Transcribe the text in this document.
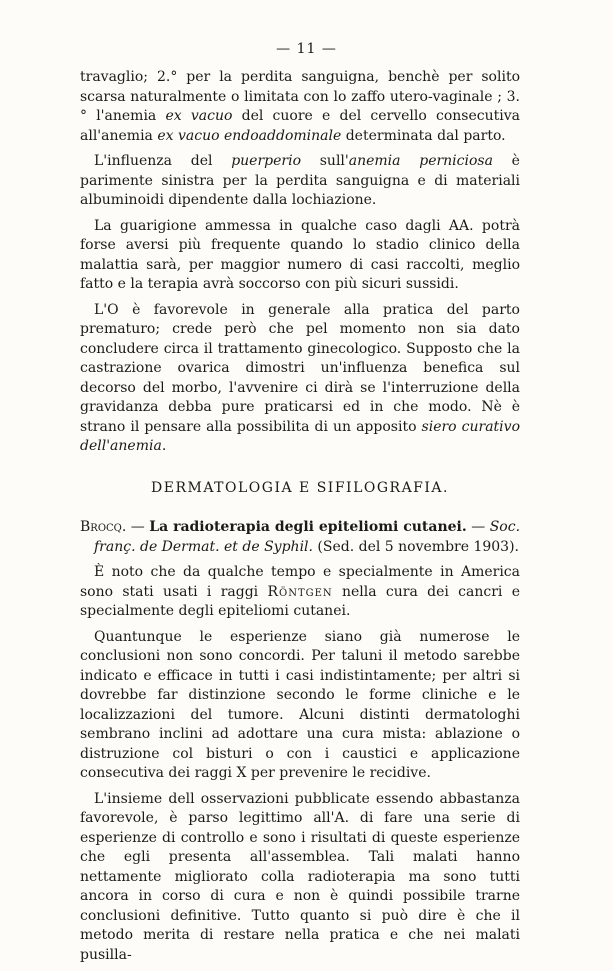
— 11 —

travaglio; 2.° per la perdita sanguigna, benchè per solito scarsa naturalmente o limitata con lo zaffo utero-vaginale ; 3.° l'anemia ex vacuo del cuore e del cervello consecutiva all'anemia ex vacuo endoaddominale determinata dal parto.

L'influenza del puerperio sull'anemia perniciosa è parimente sinistra per la perdita sanguigna e di materiali albuminoidi dipendente dalla lochiazione.

La guarigione ammessa in qualche caso dagli AA. potrà forse aversi più frequente quando lo stadio clinico della malattia sarà, per maggior numero di casi raccolti, meglio fatto e la terapia avrà soccorso con più sicuri sussidi.

L'O è favorevole in generale alla pratica del parto prematuro; crede però che pel momento non sia dato concludere circa il trattamento ginecologico. Supposto che la castrazione ovarica dimostri un'influenza benefica sul decorso del morbo, l'avvenire ci dirà se l'interruzione della gravidanza debba pure praticarsi ed in che modo. Nè è strano il pensare alla possibilita di un apposito siero curativo dell'anemia.

DERMATOLOGIA E SIFILOGRAFIA.
Brocq. — La radioterapia degli epiteliomi cutanei. — Soc. franç. de Dermat. et de Syphil. (Sed. del 5 novembre 1903).

È noto che da qualche tempo e specialmente in America sono stati usati i raggi Röntgen nella cura dei cancri e specialmente degli epiteliomi cutanei.

Quantunque le esperienze siano già numerose le conclusioni non sono concordi. Per taluni il metodo sarebbe indicato e efficace in tutti i casi indistintamente; per altri si dovrebbe far distinzione secondo le forme cliniche e le localizzazioni del tumore. Alcuni distinti dermatologhi sembrano inclini ad adottare una cura mista: ablazione o distruzione col bisturi o con i caustici e applicazione consecutiva dei raggi X per prevenire le recidive.

L'insieme dell osservazioni pubblicate essendo abbastanza favorevole, è parso legittimo all'A. di fare una serie di esperienze di controllo e sono i risultati di queste esperienze che egli presenta all'assemblea. Tali malati hanno nettamente migliorato colla radioterapia ma sono tutti ancora in corso di cura e non è quindi possibile trarne conclusioni definitive. Tutto quanto si può dire è che il metodo merita di restare nella pratica e che nei malati pusilla-
